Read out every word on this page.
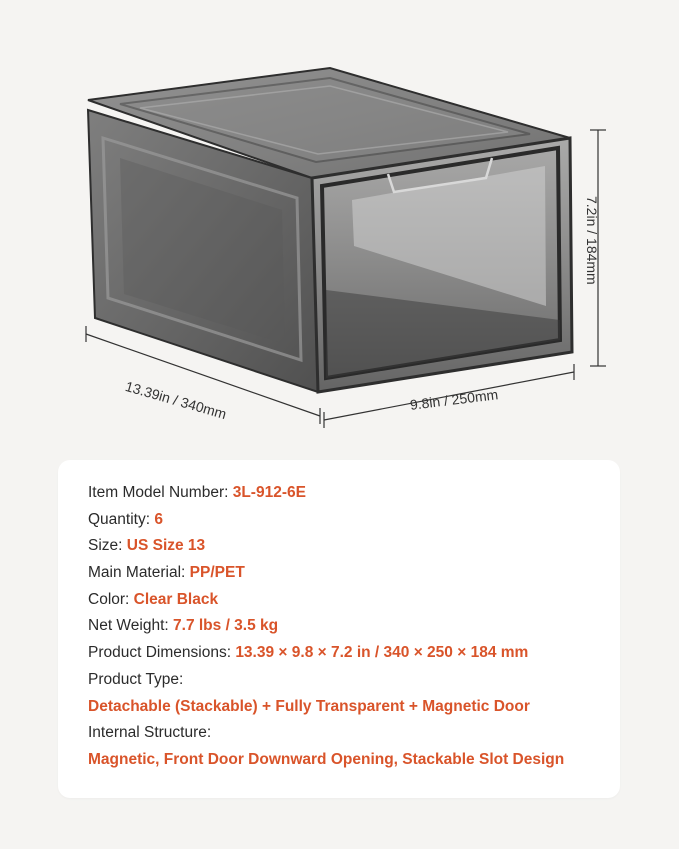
13.39in / 340mm	9.8in / 250mm
7.2in / 184mm
Item Model Number: 3L-912-6E
Quantity: 6
Size: US Size 13
Main Material: PP/PET
Color: Clear Black
Net Weight: 7.7 lbs / 3.5 kg
Product Dimensions: 13.39 × 9.8 × 7.2 in / 340 × 250 × 184 mm
Product Type:
Detachable (Stackable) + Fully Transparent + Magnetic Door
Internal Structure:
Magnetic, Front Door Downward Opening, Stackable Slot Design
